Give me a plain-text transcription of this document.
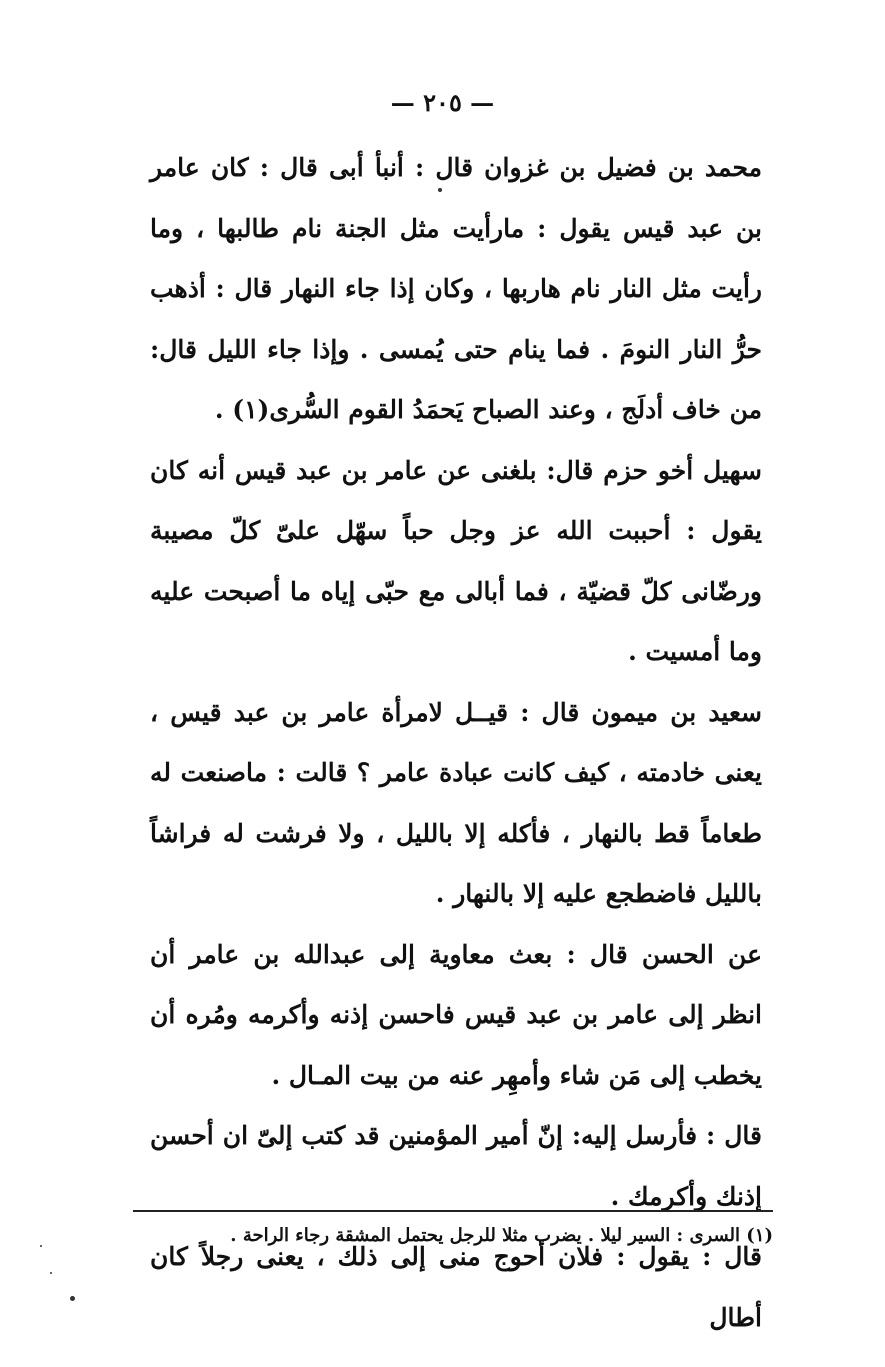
— ٢٠٥ —

محمد بن فضيل بن غزوان قال : أنبأ أبى قال : كان عامر بن عبد قيس يقول : مارأيت مثل الجنة نام طالبها ، وما رأيت مثل النار نام هاربها ، وكان إذا جاء النهار قال : أذهب حرُّ النار النومَ . فما ينام حتى يُمسى . وإذا جاء الليل قال: من خاف أدلَج ، وعند الصباح يَحمَدُ القوم السُّرى(١) .

سهيل أخو حزم قال: بلغنى عن عامر بن عبد قيس أنه كان يقول : أحببت الله عز وجل حباً سهّل علىّ كلّ مصيبة ورضّانى كلّ قضيّة ، فما أبالى مع حبّى إياه ما أصبحت عليه وما أمسيت .

سعيد بن ميمون قال : قيــل لامرأة عامر بن عبد قيس ، يعنى خادمته ، كيف كانت عبادة عامر ؟ قالت : ماصنعت له طعاماً قط بالنهار ، فأكله إلا بالليل ، ولا فرشت له فراشاً بالليل فاضطجع عليه إلا بالنهار .

عن الحسن قال : بعث معاوية إلى عبدالله بن عامر أن انظر إلى عامر بن عبد قيس فاحسن إذنه وأكرمه ومُره أن يخطب إلى مَن شاء وأمهِر عنه من بيت المـال .

قال : فأرسل إليه: إنّ أمير المؤمنين قد كتب إلىّ ان أحسن إذنك وأكرمك .

قال : يقول : فلان أحوج منى إلى ذلك ، يعنى رجلاً كان أطال

(١) السرى : السير ليلا . يضرب مثلا للرجل يحتمل المشقة رجاء الراحة .
